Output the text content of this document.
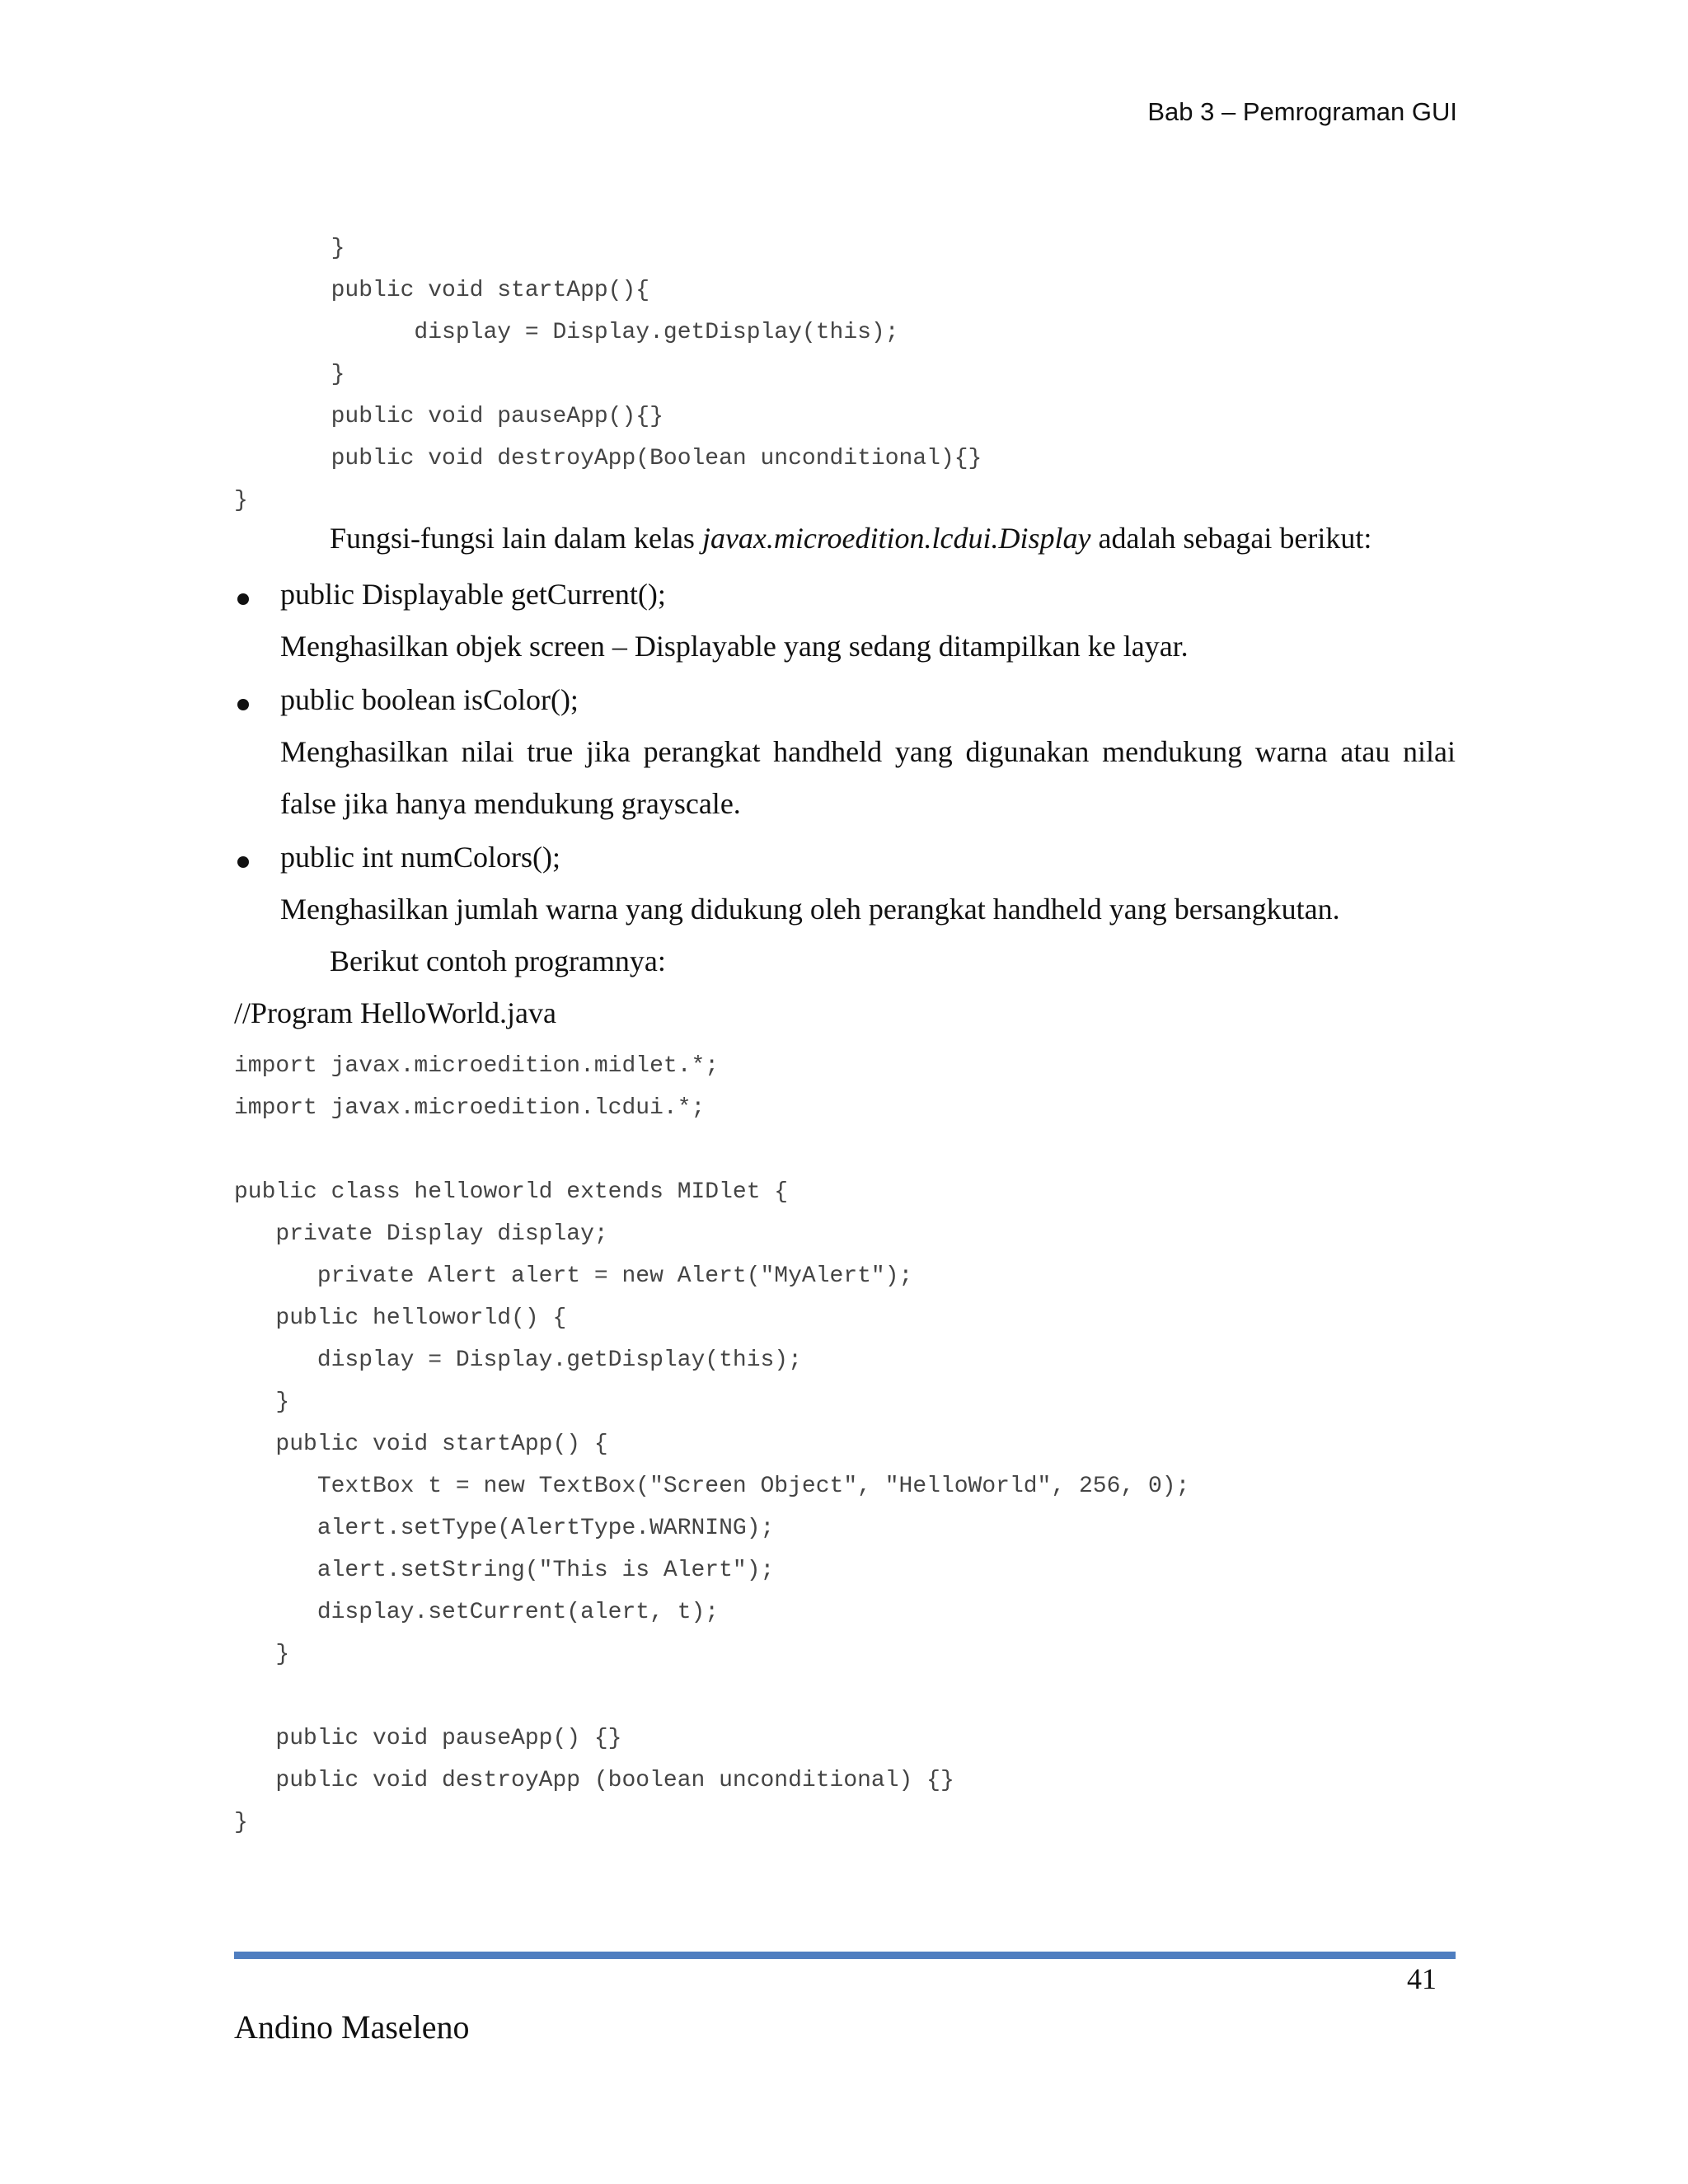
Bab 3 – Pemrograman GUI
}
public void startApp(){
display = Display.getDisplay(this);
}
public void pauseApp(){}
public void destroyApp(Boolean unconditional){}
}
Fungsi-fungsi lain dalam kelas javax.microedition.lcdui.Display adalah sebagai berikut:
public Displayable getCurrent();
Menghasilkan objek screen – Displayable yang sedang ditampilkan ke layar.
public boolean isColor();
Menghasilkan nilai true jika perangkat handheld yang digunakan mendukung warna atau nilai
false jika hanya mendukung grayscale.
public int numColors();
Menghasilkan jumlah warna yang didukung oleh perangkat handheld yang bersangkutan.
Berikut contoh programnya:
//Program HelloWorld.java
import javax.microedition.midlet.*;
import javax.microedition.lcdui.*;

public class helloworld extends MIDlet {
private Display display;
private Alert alert = new Alert("MyAlert");
public helloworld() {
display = Display.getDisplay(this);
}
public void startApp() {
TextBox t = new TextBox("Screen Object", "HelloWorld", 256, 0);
alert.setType(AlertType.WARNING);
alert.setString("This is Alert");
display.setCurrent(alert, t);
}

public void pauseApp() {}
public void destroyApp (boolean unconditional) {}
}
41
Andino Maseleno
